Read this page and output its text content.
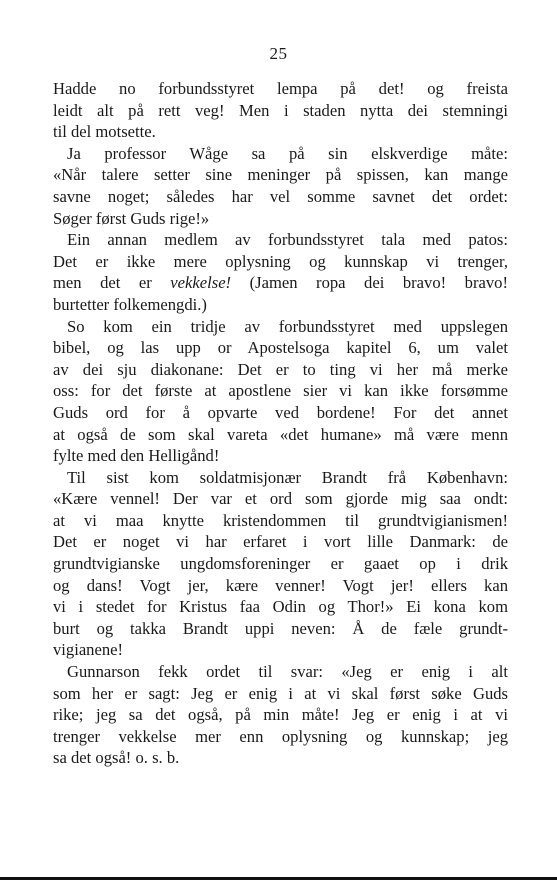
25
Hadde no forbundsstyret lempa på det! og freista
leidt alt på rett veg! Men i staden nytta dei stemningi
til del motsette.
Ja professor Wåge sa på sin elskverdige måte:
«Når talere setter sine meninger på spissen, kan mange
savne noget; således har vel somme savnet det ordet:
Søger først Guds rige!»
Ein annan medlem av forbundsstyret tala med patos:
Det er ikke mere oplysning og kunnskap vi trenger,
men det er vekkelse! (Jamen ropa dei bravo! bravo!
burtetter folkemengdi.)
So kom ein tridje av forbundsstyret med uppslegen
bibel, og las upp or Apostelsoga kapitel 6, um valet
av dei sju diakonane: Det er to ting vi her må merke
oss: for det første at apostlene sier vi kan ikke forsømme
Guds ord for å opvarte ved bordene! For det annet
at også de som skal vareta «det humane» må være menn
fylte med den Helligånd!
Til sist kom soldatmisjonær Brandt frå København:
«Kære vennel! Der var et ord som gjorde mig saa ondt:
at vi maa knytte kristendommen til grundtvigianismen!
Det er noget vi har erfaret i vort lille Danmark: de
grundtvigianske ungdomsforeninger er gaaet op i drik
og dans! Vogt jer, kære venner! Vogt jer! ellers kan
vi i stedet for Kristus faa Odin og Thor!» Ei kona kom
burt og takka Brandt uppi neven: Å de fæle grundt-
vigianene!
Gunnarson fekk ordet til svar: «Jeg er enig i alt
som her er sagt: Jeg er enig i at vi skal først søke Guds
rike; jeg sa det også, på min måte! Jeg er enig i at vi
trenger vekkelse mer enn oplysning og kunnskap; jeg
sa det også! o. s. b.
